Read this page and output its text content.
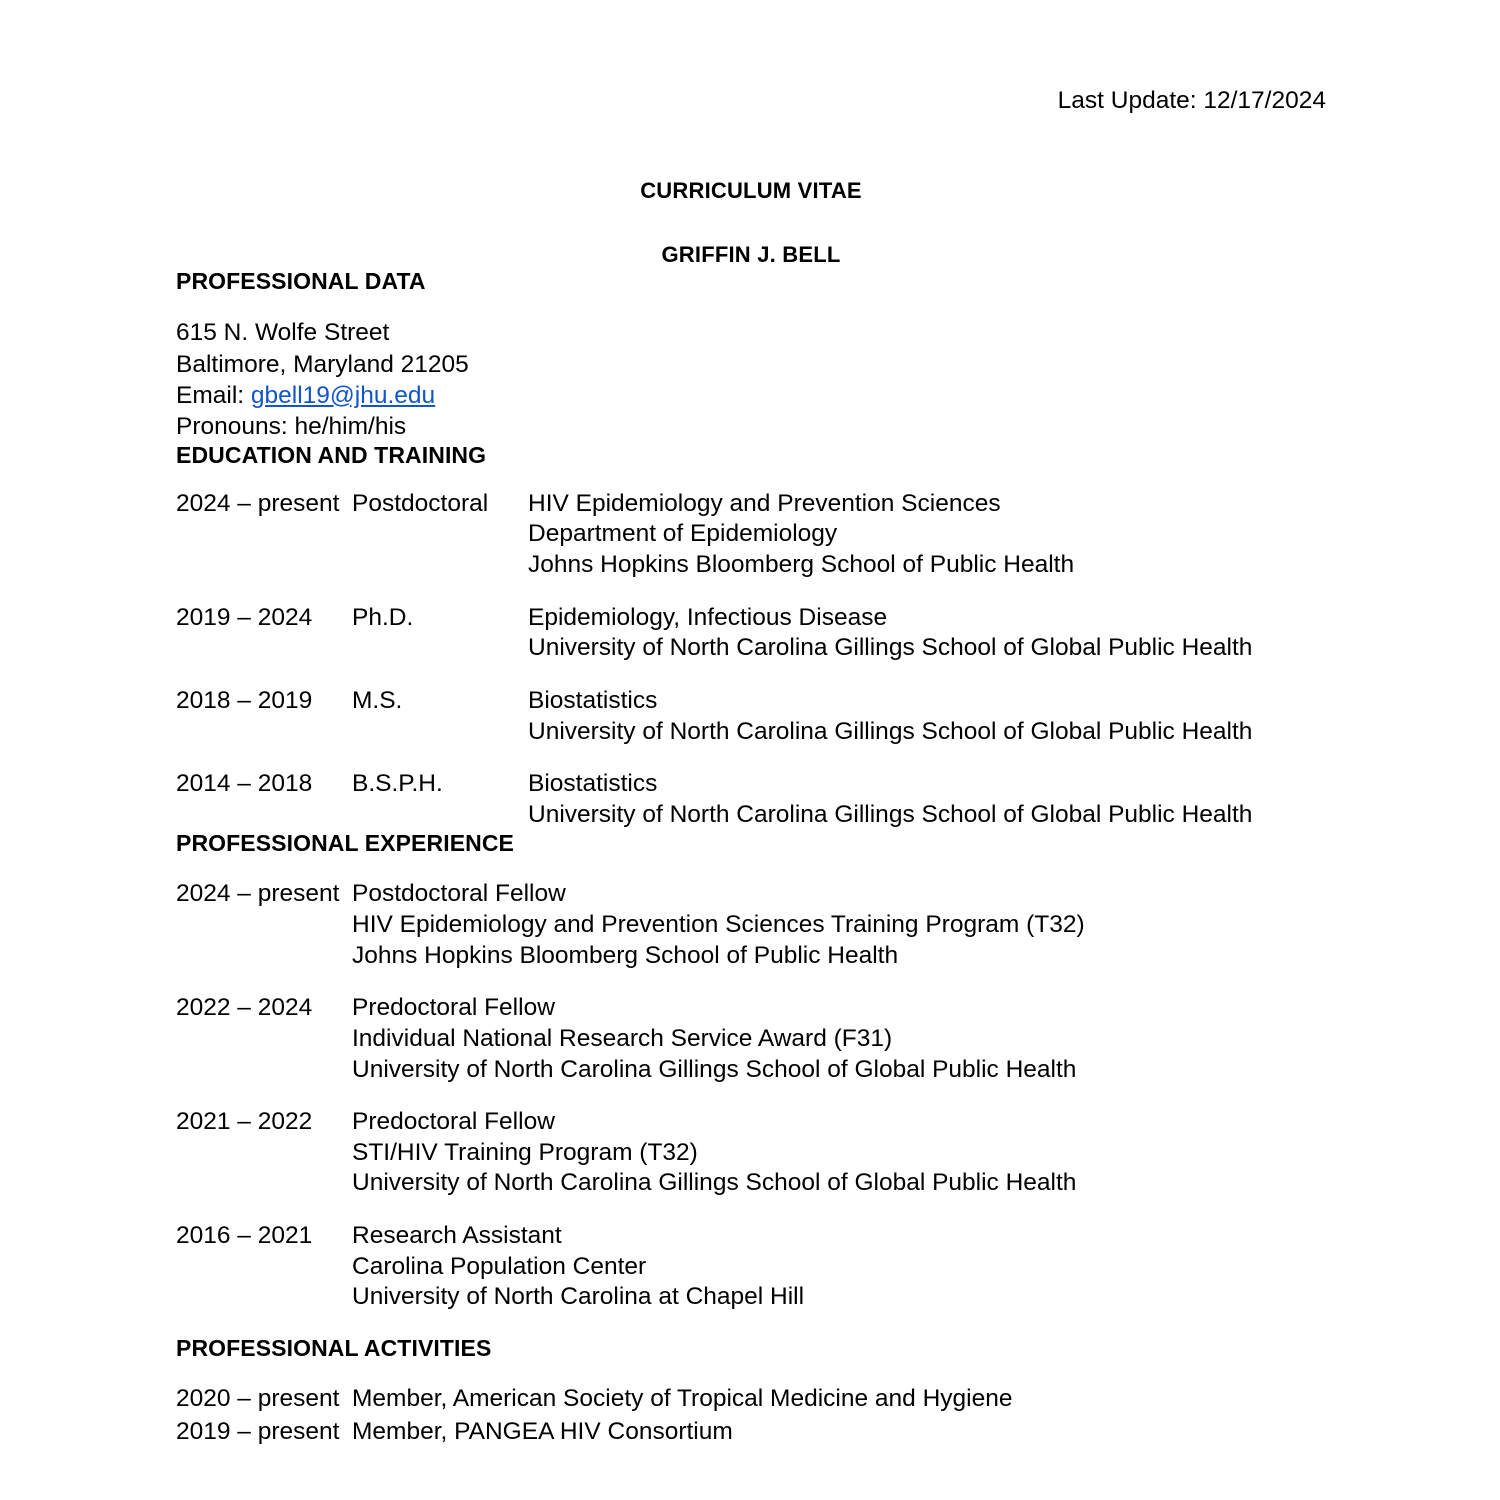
Last Update: 12/17/2024
CURRICULUM VITAE
GRIFFIN J. BELL
PROFESSIONAL DATA
615 N. Wolfe Street
Baltimore, Maryland 21205
Email: gbell19@jhu.edu
Pronouns: he/him/his
EDUCATION AND TRAINING
2024 – present	Postdoctoral	HIV Epidemiology and Prevention Sciences
Department of Epidemiology
Johns Hopkins Bloomberg School of Public Health

2019 – 2024	Ph.D.	Epidemiology, Infectious Disease
University of North Carolina Gillings School of Global Public Health

2018 – 2019	M.S.	Biostatistics
University of North Carolina Gillings School of Global Public Health

2014 – 2018	B.S.P.H.	Biostatistics
University of North Carolina Gillings School of Global Public Health
PROFESSIONAL EXPERIENCE
2024 – present	Postdoctoral Fellow
HIV Epidemiology and Prevention Sciences Training Program (T32)
Johns Hopkins Bloomberg School of Public Health

2022 – 2024	Predoctoral Fellow
Individual National Research Service Award (F31)
University of North Carolina Gillings School of Global Public Health

2021 – 2022	Predoctoral Fellow
STI/HIV Training Program (T32)
University of North Carolina Gillings School of Global Public Health

2016 – 2021	Research Assistant
Carolina Population Center
University of North Carolina at Chapel Hill
PROFESSIONAL ACTIVITIES
2020 – present	Member, American Society of Tropical Medicine and Hygiene
2019 – present	Member, PANGEA HIV Consortium
